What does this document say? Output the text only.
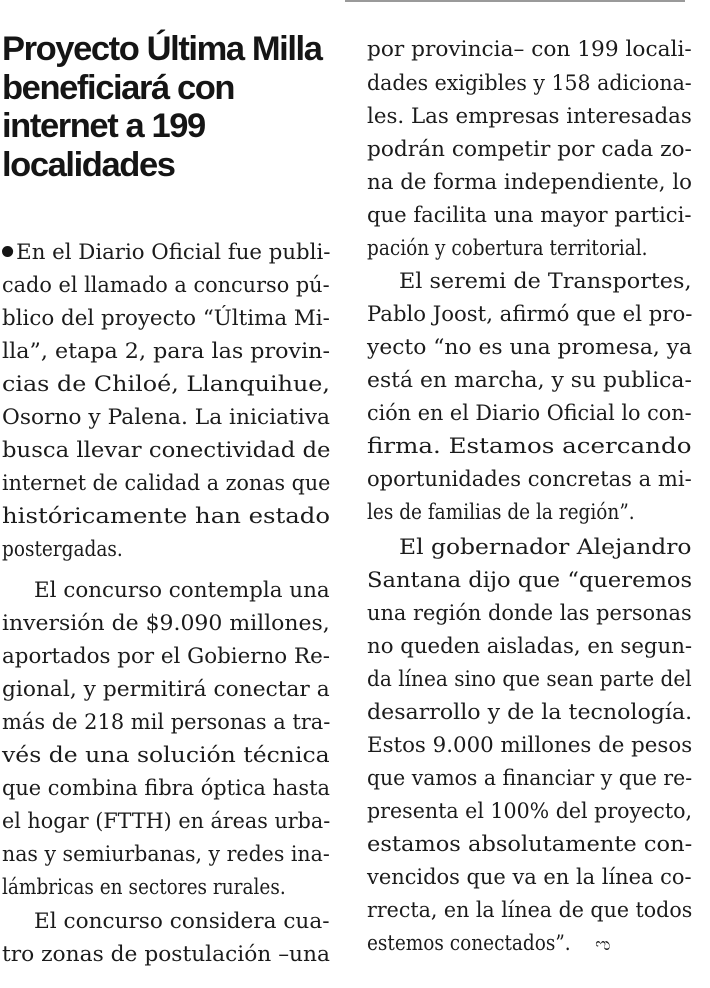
Proyecto Última Milla beneficiará con internet a 199 localidades
En el Diario Oficial fue publi-
cado el llamado a concurso pú-
blico del proyecto “Última Mi-
lla”, etapa 2, para las provin-
cias de Chiloé, Llanquihue,
Osorno y Palena. La iniciativa
busca llevar conectividad de
internet de calidad a zonas que
históricamente han estado
postergadas.
El concurso contempla una
inversión de $9.090 millones,
aportados por el Gobierno Re-
gional, y permitirá conectar a
más de 218 mil personas a tra-
vés de una solución técnica
que combina fibra óptica hasta
el hogar (FTTH) en áreas urba-
nas y semiurbanas, y redes ina-
lámbricas en sectores rurales.
El concurso considera cua-
tro zonas de postulación –una
por provincia– con 199 locali-
dades exigibles y 158 adiciona-
les. Las empresas interesadas
podrán competir por cada zo-
na de forma independiente, lo
que facilita una mayor partici-
pación y cobertura territorial.
El seremi de Transportes,
Pablo Joost, afirmó que el pro-
yecto “no es una promesa, ya
está en marcha, y su publica-
ción en el Diario Oficial lo con-
firma. Estamos acercando
oportunidades concretas a mi-
les de familias de la región”.
El gobernador Alejandro
Santana dijo que “queremos
una región donde las personas
no queden aisladas, en segun-
da línea sino que sean parte del
desarrollo y de la tecnología.
Estos 9.000 millones de pesos
que vamos a financiar y que re-
presenta el 100% del proyecto,
estamos absolutamente con-
vencidos que va en la línea co-
rrecta, en la línea de que todos
estemos conectados”. ಌ
